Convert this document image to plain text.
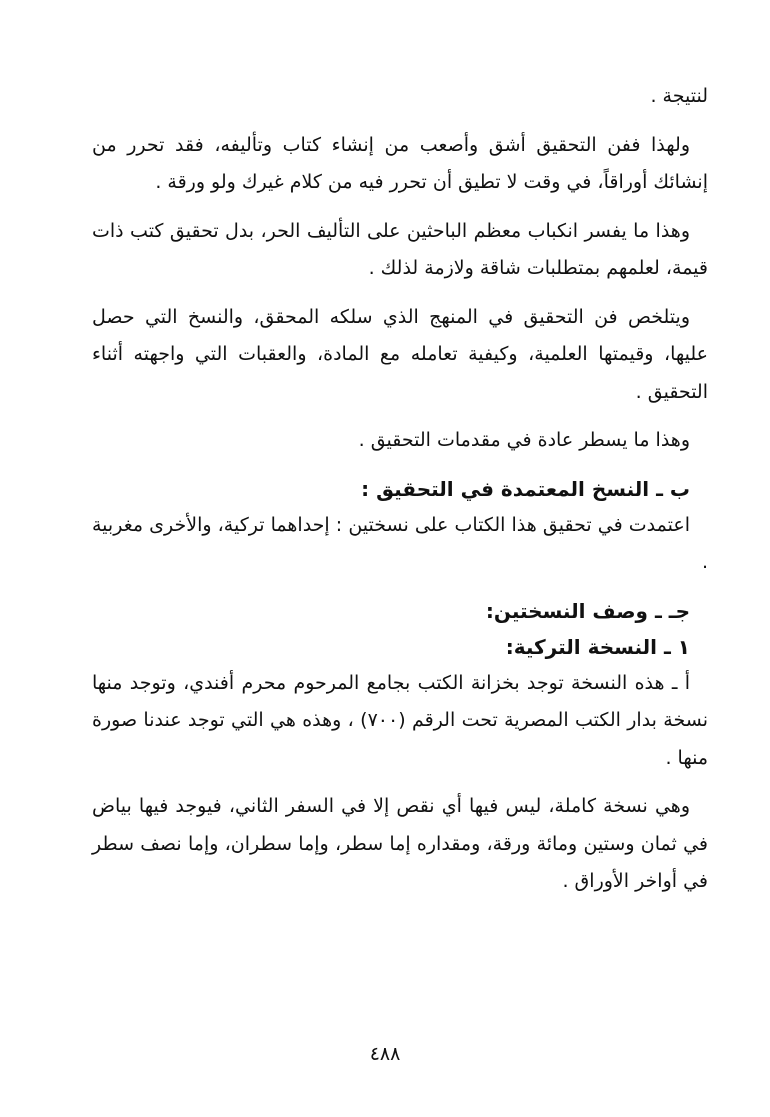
لنتيجة .

ولهذا ففن التحقيق أشق وأصعب من إنشاء كتاب وتأليفه، فقد تحرر من إنشائك أوراقاً، في وقت لا تطيق أن تحرر فيه من كلام غيرك ولو ورقة .

وهذا ما يفسر انكباب معظم الباحثين على التأليف الحر، بدل تحقيق كتب ذات قيمة، لعلمهم بمتطلبات شاقة ولازمة لذلك .

ويتلخص فن التحقيق في المنهج الذي سلكه المحقق، والنسخ التي حصل عليها، وقيمتها العلمية، وكيفية تعامله مع المادة، والعقبات التي واجهته أثناء التحقيق .

وهذا ما يسطر عادة في مقدمات التحقيق .

ب ـ النسخ المعتمدة في التحقيق :

اعتمدت في تحقيق هذا الكتاب على نسختين : إحداهما تركية، والأخرى مغربية .

جـ ـ وصف النسختين:

١ ـ النسخة التركية:

أ ـ هذه النسخة توجد بخزانة الكتب بجامع المرحوم محرم أفندي، وتوجد منها نسخة بدار الكتب المصرية تحت الرقم (٧٠٠) ، وهذه هي التي توجد عندنا صورة منها .

وهي نسخة كاملة، ليس فيها أي نقص إلا في السفر الثاني، فيوجد فيها بياض في ثمان وستين ومائة ورقة، ومقداره إما سطر، وإما سطران، وإما نصف سطر في أواخر الأوراق .

٤٨٨
